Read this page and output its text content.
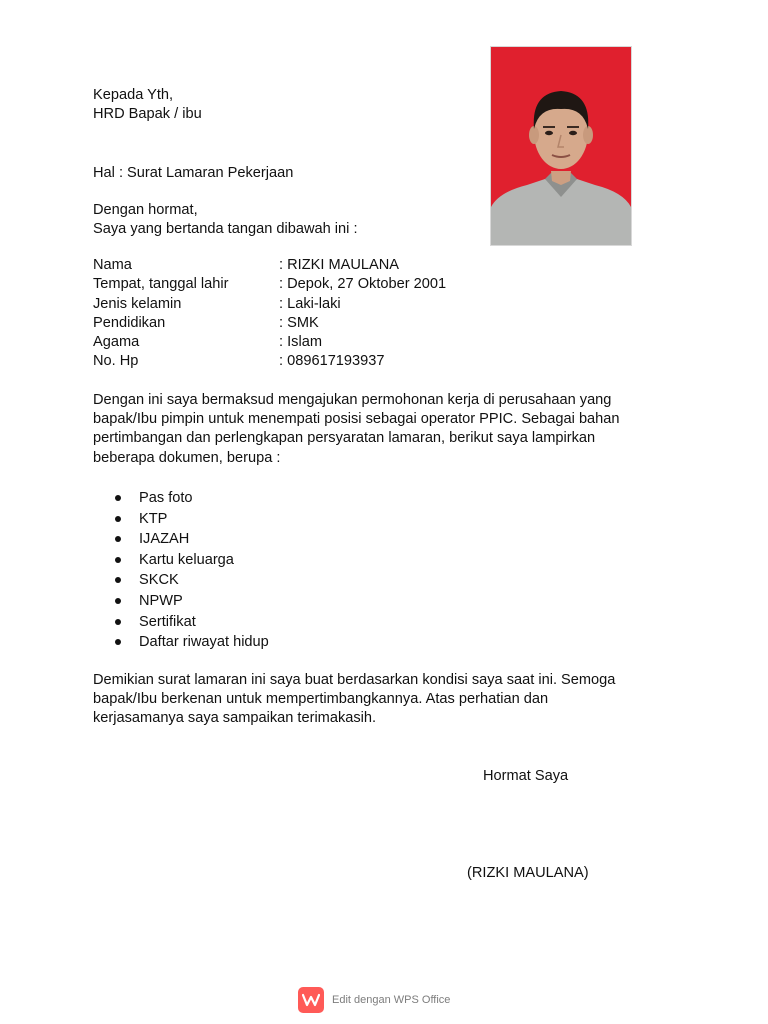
Kepada Yth,

HRD Bapak / ibu

Hal : Surat Lamaran Pekerjaan

Dengan hormat,

Saya yang bertanda tangan dibawah ini :

Nama	: RIZKI MAULANA
Tempat, tanggal lahir	: Depok, 27 Oktober 2001
Jenis kelamin	: Laki-laki
Pendidikan	: SMK
Agama	: Islam
No. Hp	: 089617193937

Dengan ini saya bermaksud mengajukan permohonan kerja di perusahaan yang

bapak/Ibu pimpin untuk menempati posisi sebagai operator PPIC. Sebagai bahan

pertimbangan dan perlengkapan persyaratan lamaran, berikut saya lampirkan

beberapa dokumen, berupa :

Pas foto
KTP
IJAZAH
Kartu keluarga
SKCK
NPWP
Sertifikat
Daftar riwayat hidup

Demikian surat lamaran ini saya buat berdasarkan kondisi saya saat ini. Semoga

bapak/Ibu berkenan untuk mempertimbangkannya. Atas perhatian dan

kerjasamanya saya sampaikan terimakasih.

Hormat Saya

(RIZKI MAULANA)

Edit dengan WPS Office
